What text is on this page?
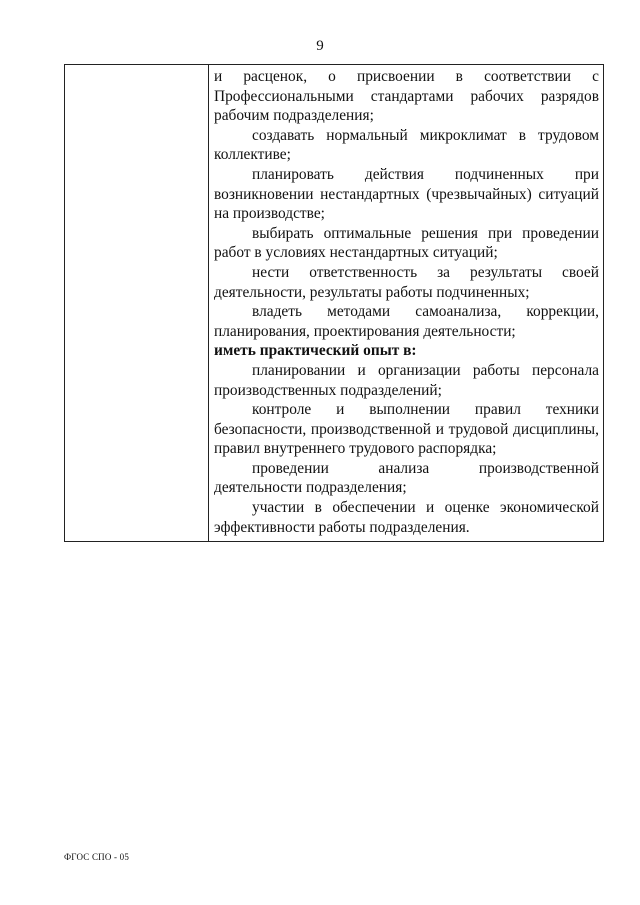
9

и расценок, о присвоении в соответствии с Профессиональными стандартами рабочих разрядов рабочим подразделения;

создавать нормальный микроклимат в трудовом коллективе;

планировать действия подчиненных при возникновении нестандартных (чрезвычайных) ситуаций на производстве;

выбирать оптимальные решения при проведении работ в условиях нестандартных ситуаций;

нести ответственность за результаты своей деятельности, результаты работы подчиненных;

владеть методами самоанализа, коррекции, планирования, проектирования деятельности;

иметь практический опыт в:

планировании и организации работы персонала производственных подразделений;

контроле и выполнении правил техники безопасности, производственной и трудовой дисциплины, правил внутреннего трудового распорядка;

проведении анализа производственной деятельности подразделения;

участии в обеспечении и оценке экономической эффективности работы подразделения.

ФГОС СПО - 05
